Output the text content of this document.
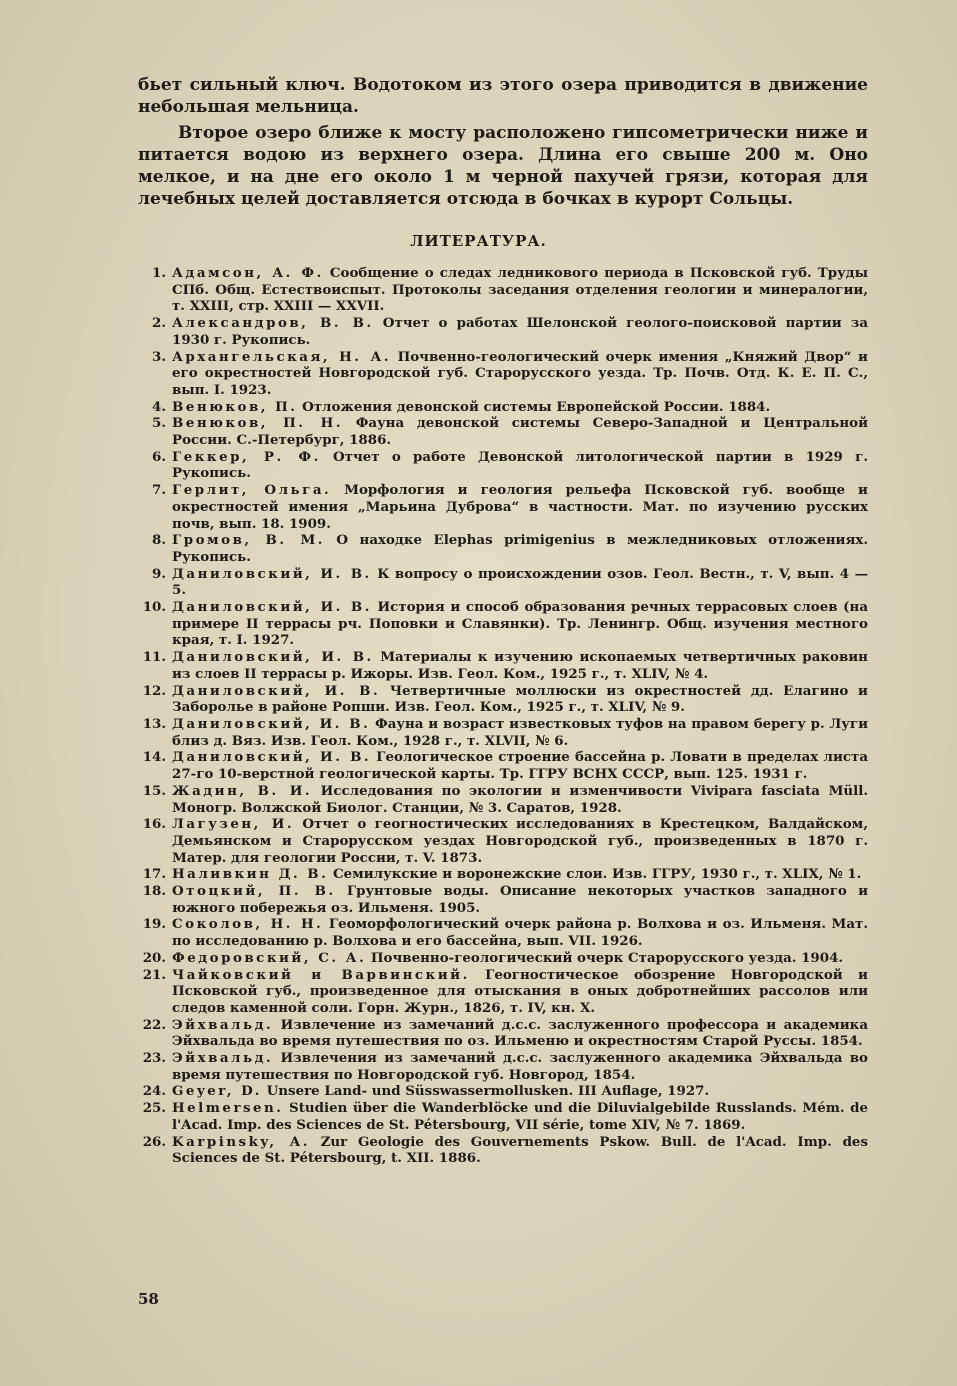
бьет сильный ключ. Водотоком из этого озера приводится в движение небольшая мельница.

Второе озеро ближе к мосту расположено гипсометрически ниже и питается водою из верхнего озера. Длина его свыше 200 м. Оно мелкое, и на дне его около 1 м черной пахучей грязи, которая для лечебных целей доставляется отсюда в бочках в курорт Сольцы.

ЛИТЕРАТУРА.
1. Адамсон, А. Ф. Сообщение о следах ледникового периода в Псковской губ. Труды СПб. Общ. Естествоиспыт. Протоколы заседания отделения геологии и минералогии, т. XXIII, стр. XXIII — XXVII.
2. Александров, В. В. Отчет о работах Шелонской геолого-поисковой партии за 1930 г. Рукопись.
3. Архангельская, Н. А. Почвенно-геологический очерк имения „Княжий Двор“ и его окрестностей Новгородской губ. Старорусского уезда. Тр. Почв. Отд. К. Е. П. С., вып. I. 1923.
4. Венюков, П. Отложения девонской системы Европейской России. 1884.
5. Венюков, П. Н. Фауна девонской системы Северо-Западной и Центральной России. С.-Петербург, 1886.
6. Геккер, Р. Ф. Отчет о работе Девонской литологической партии в 1929 г. Рукопись.
7. Герлит, Ольга. Морфология и геология рельефа Псковской губ. вообще и окрестностей имения „Марьина Дуброва“ в частности. Мат. по изучению русских почв, вып. 18. 1909.
8. Громов, В. М. О находке Elephas primigenius в межледниковых отложениях. Рукопись.
9. Даниловский, И. В. К вопросу о происхождении озов. Геол. Вестн., т. V, вып. 4 — 5.
10. Даниловский, И. В. История и способ образования речных террасовых слоев (на примере II террасы рч. Поповки и Славянки). Тр. Ленингр. Общ. изучения местного края, т. I. 1927.
11. Даниловский, И. В. Материалы к изучению ископаемых четвертичных раковин из слоев II террасы р. Ижоры. Изв. Геол. Ком., 1925 г., т. XLIV, № 4.
12. Даниловский, И. В. Четвертичные моллюски из окрестностей дд. Елагино и Заборолье в районе Ропши. Изв. Геол. Ком., 1925 г., т. XLIV, № 9.
13. Даниловский, И. В. Фауна и возраст известковых туфов на правом берегу р. Луги близ д. Вяз. Изв. Геол. Ком., 1928 г., т. XLVII, № 6.
14. Даниловский, И. В. Геологическое строение бассейна р. Ловати в пределах листа 27-го 10-верстной геологической карты. Тр. ГГРУ ВСНХ СССР, вып. 125. 1931 г.
15. Жадин, В. И. Исследования по экологии и изменчивости Vivipara fasciata Müll. Моногр. Волжской Биолог. Станции, № 3. Саратов, 1928.
16. Лагузен, И. Отчет о геогностических исследованиях в Крестецком, Валдайском, Демьянском и Старорусском уездах Новгородской губ., произведенных в 1870 г. Матер. для геологии России, т. V. 1873.
17. Наливкин Д. В. Семилукские и воронежские слои. Изв. ГГРУ, 1930 г., т. XLIX, № 1.
18. Отоцкий, П. В. Грунтовые воды. Описание некоторых участков западного и южного побережья оз. Ильменя. 1905.
19. Соколов, Н. Н. Геоморфологический очерк района р. Волхова и оз. Ильменя. Мат. по исследованию р. Волхова и его бассейна, вып. VII. 1926.
20. Федоровский, С. А. Почвенно-геологический очерк Старорусского уезда. 1904.
21. Чайковский и Варвинский. Геогностическое обозрение Новгородской и Псковской губ., произведенное для отыскания в оных добротнейших рассолов или следов каменной соли. Горн. Журн., 1826, т. IV, кн. X.
22. Эйхвальд. Извлечение из замечаний д.с.с. заслуженного профессора и академика Эйхвальда во время путешествия по оз. Ильменю и окрестностям Старой Руссы. 1854.
23. Эйхвальд. Извлечения из замечаний д.с.с. заслуженного академика Эйхвальда во время путешествия по Новгородской губ. Новгород, 1854.
24. Geyer, D. Unsere Land- und Süsswassermollusken. III Auflage, 1927.
25. Helmersen. Studien über die Wanderblöcke und die Diluvialgebilde Russlands. Mém. de l'Acad. Imp. des Sciences de St. Pétersbourg, VII série, tome XIV, № 7. 1869.
26. Karpinsky, A. Zur Geologie des Gouvernements Pskow. Bull. de l'Acad. Imp. des Sciences de St. Pétersbourg, t. XII. 1886.
58
